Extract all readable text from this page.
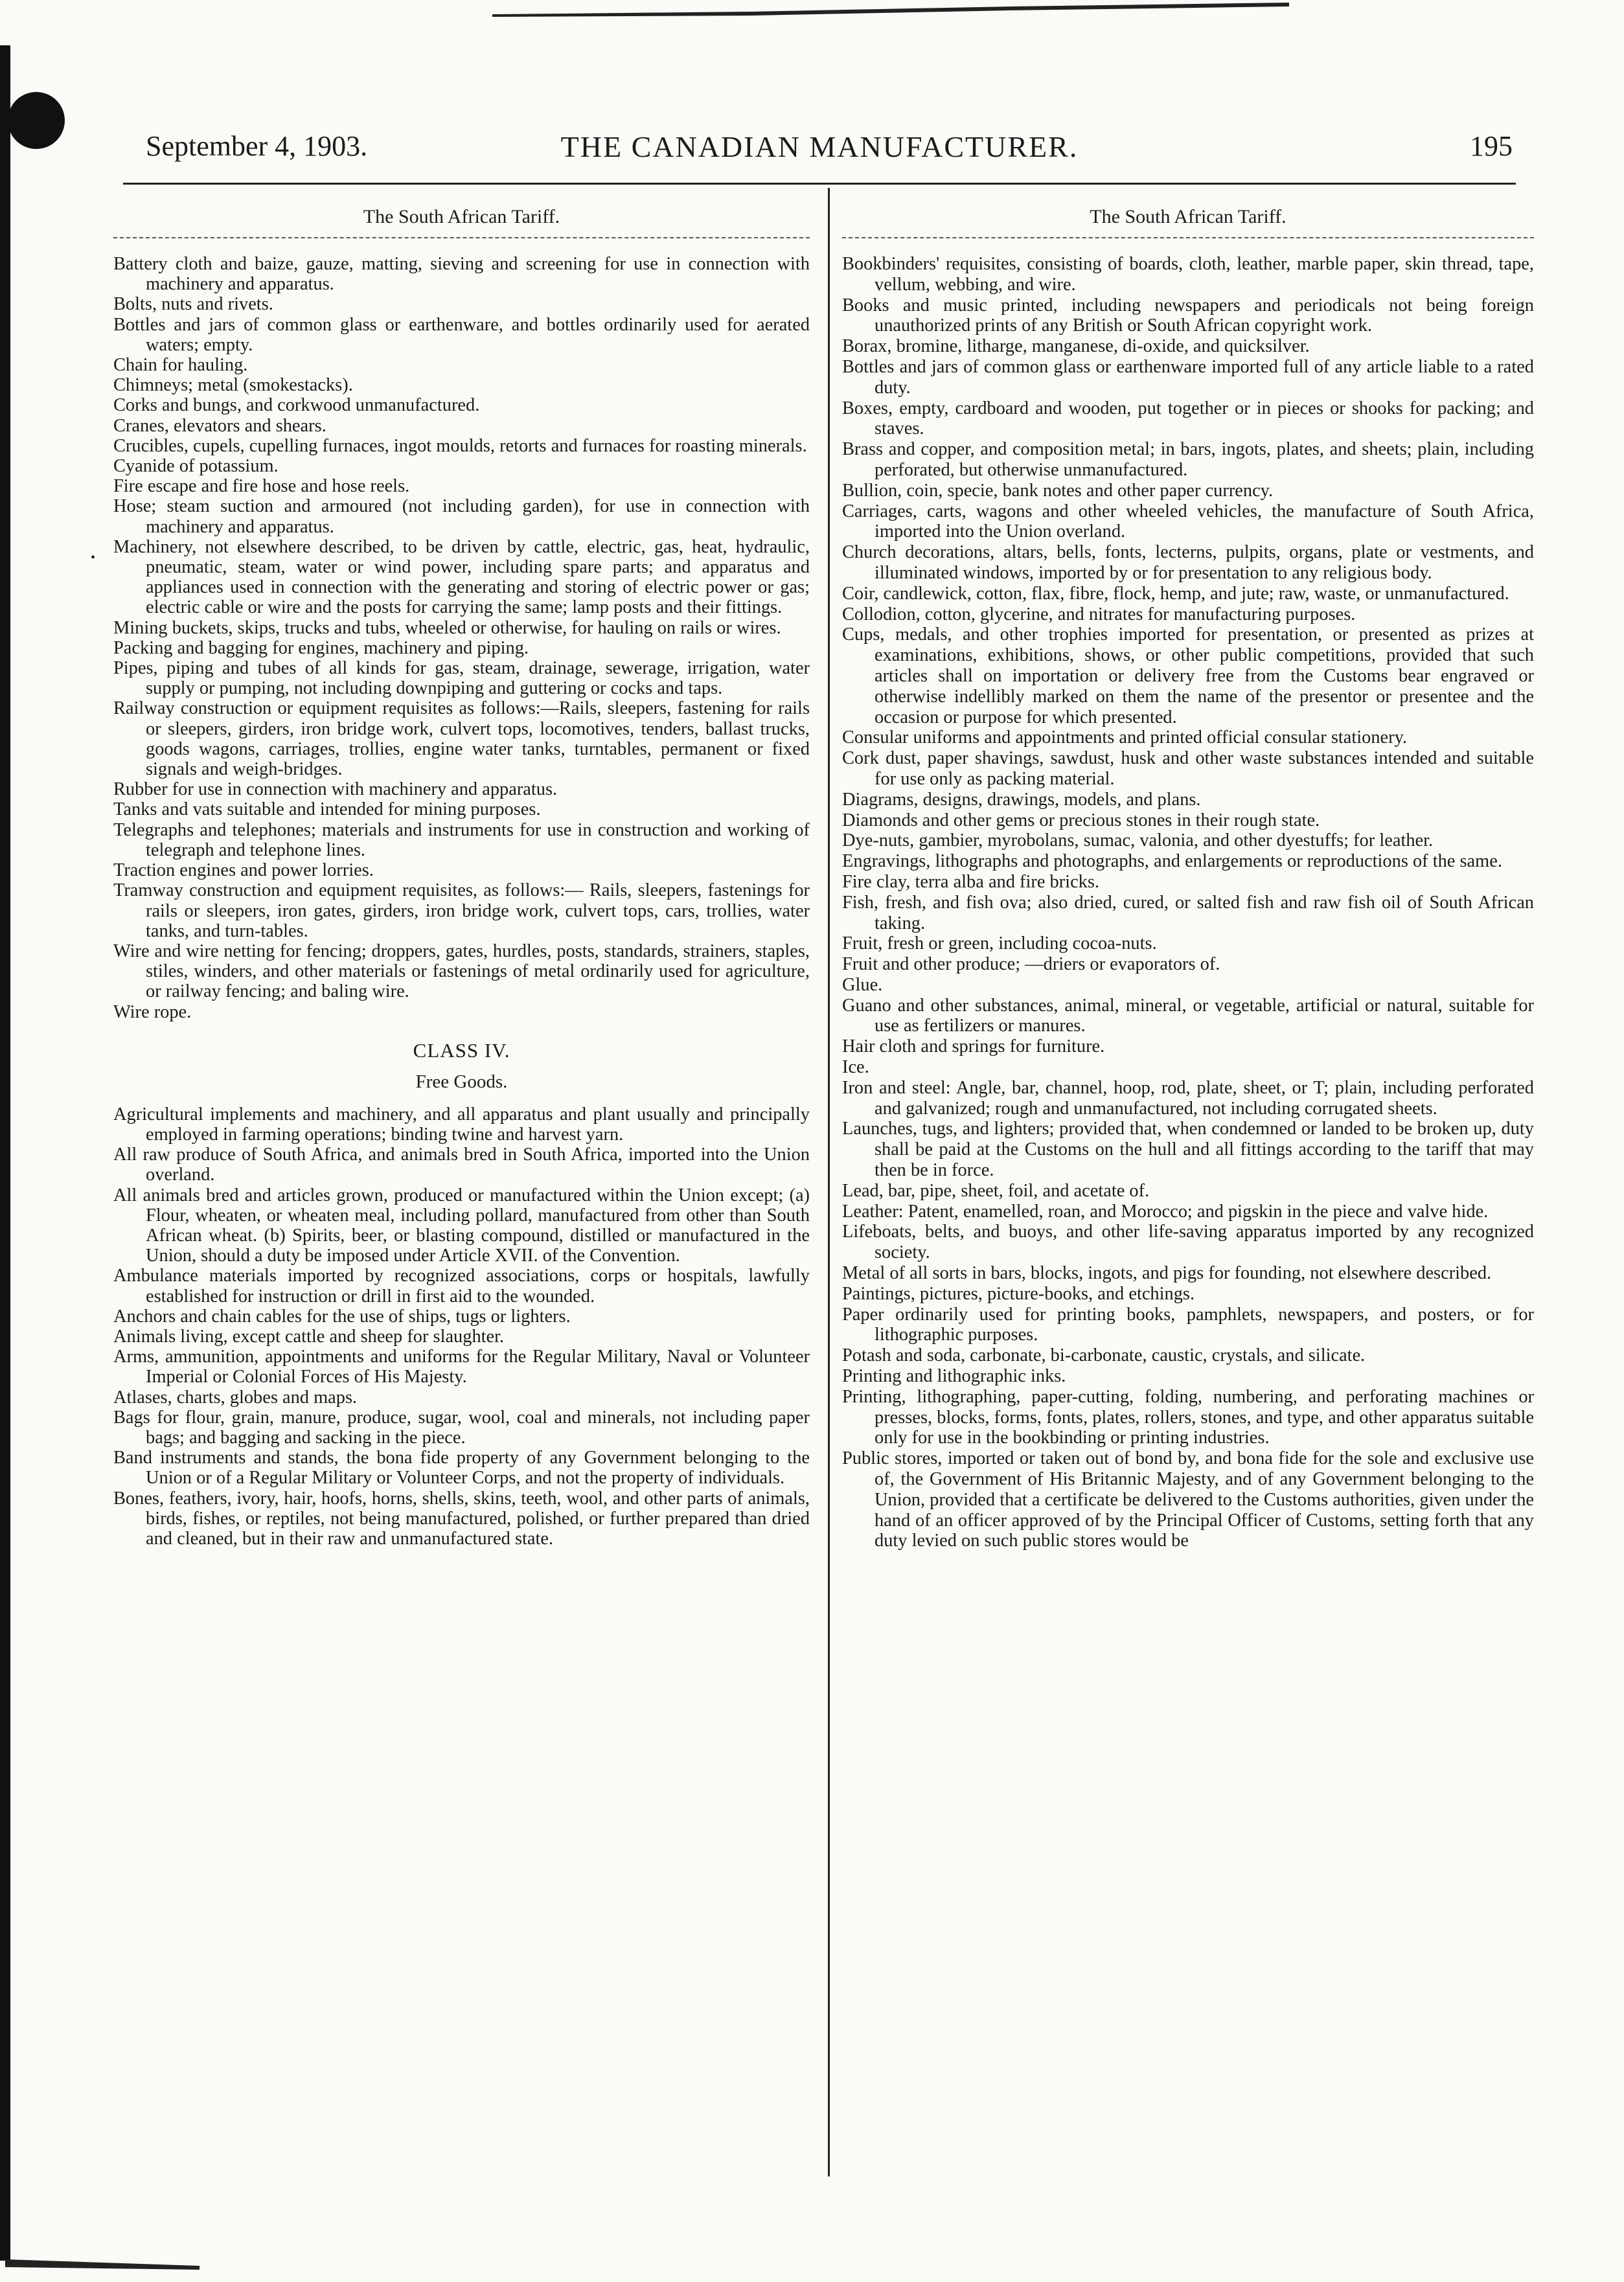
September 4, 1903.	THE CANADIAN MANUFACTURER.	195
The South African Tariff.
Battery cloth and baize, gauze, matting, sieving and screening for use in connection with machinery and apparatus.
Bolts, nuts and rivets.
Bottles and jars of common glass or earthenware, and bottles ordinarily used for aerated waters; empty.
Chain for hauling.
Chimneys; metal (smokestacks).
Corks and bungs, and corkwood unmanufactured.
Cranes, elevators and shears.
Crucibles, cupels, cupelling furnaces, ingot moulds, retorts and furnaces for roasting minerals.
Cyanide of potassium.
Fire escape and fire hose and hose reels.
Hose; steam suction and armoured (not including garden), for use in connection with machinery and apparatus.
Machinery, not elsewhere described, to be driven by cattle, electric, gas, heat, hydraulic, pneumatic, steam, water or wind power, including spare parts; and apparatus and appliances used in connection with the generating and storing of electric power or gas; electric cable or wire and the posts for carrying the same; lamp posts and their fittings.
Mining buckets, skips, trucks and tubs, wheeled or otherwise, for hauling on rails or wires.
Packing and bagging for engines, machinery and piping.
Pipes, piping and tubes of all kinds for gas, steam, drainage, sewerage, irrigation, water supply or pumping, not including downpiping and guttering or cocks and taps.
Railway construction or equipment requisites as follows:—Rails, sleepers, fastening for rails or sleepers, girders, iron bridge work, culvert tops, locomotives, tenders, ballast trucks, goods wagons, carriages, trollies, engine water tanks, turntables, permanent or fixed signals and weigh-bridges.
Rubber for use in connection with machinery and apparatus.
Tanks and vats suitable and intended for mining purposes.
Telegraphs and telephones; materials and instruments for use in construction and working of telegraph and telephone lines.
Traction engines and power lorries.
Tramway construction and equipment requisites, as follows:— Rails, sleepers, fastenings for rails or sleepers, iron gates, girders, iron bridge work, culvert tops, cars, trollies, water tanks, and turn-tables.
Wire and wire netting for fencing; droppers, gates, hurdles, posts, standards, strainers, staples, stiles, winders, and other materials or fastenings of metal ordinarily used for agriculture, or railway fencing; and baling wire.
Wire rope.
CLASS IV.
Free Goods.
Agricultural implements and machinery, and all apparatus and plant usually and principally employed in farming operations; binding twine and harvest yarn.
All raw produce of South Africa, and animals bred in South Africa, imported into the Union overland.
All animals bred and articles grown, produced or manufactured within the Union except; (a) Flour, wheaten, or wheaten meal, including pollard, manufactured from other than South African wheat. (b) Spirits, beer, or blasting compound, distilled or manufactured in the Union, should a duty be imposed under Article XVII. of the Convention.
Ambulance materials imported by recognized associations, corps or hospitals, lawfully established for instruction or drill in first aid to the wounded.
Anchors and chain cables for the use of ships, tugs or lighters.
Animals living, except cattle and sheep for slaughter.
Arms, ammunition, appointments and uniforms for the Regular Military, Naval or Volunteer Imperial or Colonial Forces of His Majesty.
Atlases, charts, globes and maps.
Bags for flour, grain, manure, produce, sugar, wool, coal and minerals, not including paper bags; and bagging and sacking in the piece.
Band instruments and stands, the bona fide property of any Government belonging to the Union or of a Regular Military or Volunteer Corps, and not the property of individuals.
Bones, feathers, ivory, hair, hoofs, horns, shells, skins, teeth, wool, and other parts of animals, birds, fishes, or reptiles, not being manufactured, polished, or further prepared than dried and cleaned, but in their raw and unmanufactured state.
•
The South African Tariff.
Bookbinders' requisites, consisting of boards, cloth, leather, marble paper, skin thread, tape, vellum, webbing, and wire.
Books and music printed, including newspapers and periodicals not being foreign unauthorized prints of any British or South African copyright work.
Borax, bromine, litharge, manganese, di-oxide, and quicksilver.
Bottles and jars of common glass or earthenware imported full of any article liable to a rated duty.
Boxes, empty, cardboard and wooden, put together or in pieces or shooks for packing; and staves.
Brass and copper, and composition metal; in bars, ingots, plates, and sheets; plain, including perforated, but otherwise unmanufactured.
Bullion, coin, specie, bank notes and other paper currency.
Carriages, carts, wagons and other wheeled vehicles, the manufacture of South Africa, imported into the Union overland.
Church decorations, altars, bells, fonts, lecterns, pulpits, organs, plate or vestments, and illuminated windows, imported by or for presentation to any religious body.
Coir, candlewick, cotton, flax, fibre, flock, hemp, and jute; raw, waste, or unmanufactured.
Collodion, cotton, glycerine, and nitrates for manufacturing purposes.
Cups, medals, and other trophies imported for presentation, or presented as prizes at examinations, exhibitions, shows, or other public competitions, provided that such articles shall on importation or delivery free from the Customs bear engraved or otherwise indellibly marked on them the name of the presentor or presentee and the occasion or purpose for which presented.
Consular uniforms and appointments and printed official consular stationery.
Cork dust, paper shavings, sawdust, husk and other waste substances intended and suitable for use only as packing material.
Diagrams, designs, drawings, models, and plans.
Diamonds and other gems or precious stones in their rough state.
Dye-nuts, gambier, myrobolans, sumac, valonia, and other dyestuffs; for leather.
Engravings, lithographs and photographs, and enlargements or reproductions of the same.
Fire clay, terra alba and fire bricks.
Fish, fresh, and fish ova; also dried, cured, or salted fish and raw fish oil of South African taking.
Fruit, fresh or green, including cocoa-nuts.
Fruit and other produce; —driers or evaporators of.
Glue.
Guano and other substances, animal, mineral, or vegetable, artificial or natural, suitable for use as fertilizers or manures.
Hair cloth and springs for furniture.
Ice.
Iron and steel: Angle, bar, channel, hoop, rod, plate, sheet, or T; plain, including perforated and galvanized; rough and unmanufactured, not including corrugated sheets.
Launches, tugs, and lighters; provided that, when condemned or landed to be broken up, duty shall be paid at the Customs on the hull and all fittings according to the tariff that may then be in force.
Lead, bar, pipe, sheet, foil, and acetate of.
Leather: Patent, enamelled, roan, and Morocco; and pigskin in the piece and valve hide.
Lifeboats, belts, and buoys, and other life-saving apparatus imported by any recognized society.
Metal of all sorts in bars, blocks, ingots, and pigs for founding, not elsewhere described.
Paintings, pictures, picture-books, and etchings.
Paper ordinarily used for printing books, pamphlets, newspapers, and posters, or for lithographic purposes.
Potash and soda, carbonate, bi-carbonate, caustic, crystals, and silicate.
Printing and lithographic inks.
Printing, lithographing, paper-cutting, folding, numbering, and perforating machines or presses, blocks, forms, fonts, plates, rollers, stones, and type, and other apparatus suitable only for use in the bookbinding or printing industries.
Public stores, imported or taken out of bond by, and bona fide for the sole and exclusive use of, the Government of His Britannic Majesty, and of any Government belonging to the Union, provided that a certificate be delivered to the Customs authorities, given under the hand of an officer approved of by the Principal Officer of Customs, setting forth that any duty levied on such public stores would be
